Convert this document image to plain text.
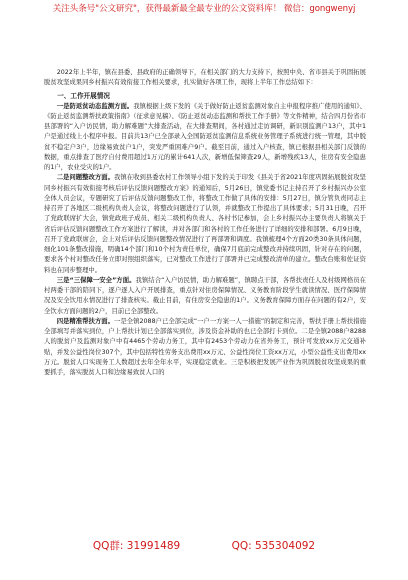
关注头条号"公文研究"，获得最新最全最专业的公文资料库！ 微信：gongwenyj

2022年上半年，镇在县委、县政府的正确领导下，在相关部门的大力支持下，按照中央、省市县关于巩固拓展脱贫攻坚成果同乡村振兴有效衔接工作相关要求，扎实做好各项工作，现将上半年工作总结如下：

一、工作开展情况

一是防返贫动态监测方面。我镇根据上级下发的《关于做好防止返贫监测对象自主申报程序推广使用的通知》、《防止返贫监测帮扶政策指南》（征求意见稿）、《防止返贫动态监测和帮扶工作手册》等文件精神，结合四月份省市县部署的“入户访民情，助力解难题”大排查活动，在大排查期间，各村通过走访调研，新识别监测户13户，其中1户是通过线上小程序申报。目前共13户已全部录入全国防返贫监测信息系统业务管理子系统进行统一管理，其中脱贫不稳定户3户，边缘易致贫户1户，突发严重困难户9户。截至目前，通过入户核查，镇已根据县相关部门反馈的数据，重点排查了医疗自付费用超过1万元的累计641人次，新增低保筛查29人，新增残疾13人，住房有安全隐患的1户，农业受灾的1户。

二是问题整改方面。我镇在收到县委农村工作领导小组下发的关于印发《县关于省2021年度巩固拓展脱贫攻坚同乡村振兴有效衔接考核后评估反馈问题整改方案》的通知后，5月26日，镇党委书记主持召开了乡村振兴办公室全体人员会议，专题研究了后评估反馈问题整改工作，将整改工作做了具体的安排：5月27日，镇分管负责同志主持召开了各地区二级机构负责人会议，将整改问题进行了认领，并就整改工作提出了具体要求；5月31日晚，召开了党政联席扩大会，镇党政班子成员、相关二级机构负责人、各村书记参加，会上乡村振兴办主要负责人将镇关于省后评估反馈问题整改工作方案进行了解读，并对各部门和各村的工作任务进行了详细的安排和部署。6月9日晚，召开了党政联席会，会上对后评估反馈问题整改情况进行了再部署和调度。我镇梳理4个方面20类30条具体问题，细化101条整改措施，明确14个部门和10个村为责任单位，确保7月底前完成整改并持续巩固，针对存在的问题，要求各个村对整改任务立即对照组织落实，已对整改工作进行了部署并已完成整改清单的建立。整改台账和佐证资料也在同步整理中。

三是“三保障一安全”方面。我镇结合“入户访民情，助力解难题”，镇聘点干部，各帮扶责任人及村级网格员在村两委干部的陪同下，逐户逐人入户开展排查，重点针对住房保障情况、义务教育阶段学生就读情况、医疗保障情况及安全饮用水情况进行了排查核实。截止目前，有住房安全隐患的1户。义务教育保障方面存在问题的有2户，安全饮水方面问题的2户，目前已全部整改。

四是精准帮扶方面。一是全镇2088户已全部完成“一户一方案一人一措施”的制定和完善，帮扶手册上帮扶措施全部填写并落实到位，户上帮扶计划已全部落实到位，涉及资金补助的也已全部打卡到位。二是全镇2088户8288人的脱贫户及监测对象户中有4465个劳动力务工，其中有2453个劳动力在省外务工，预计可发放xx万元交通补贴，并发公益性岗位307个，其中包括特性劳务支出费用xx万元、公益性岗位工资xx万元，小型公益性支出费用xx万元。脱贫人口实现务工人数超过去年全年水平，实现稳定就业。三是积极把发展产业作为巩固脱贫攻坚成果的重要抓手，落实脱贫人口和边缘易致贫人口的

QQ群: 31991489	QQ: 535304092
